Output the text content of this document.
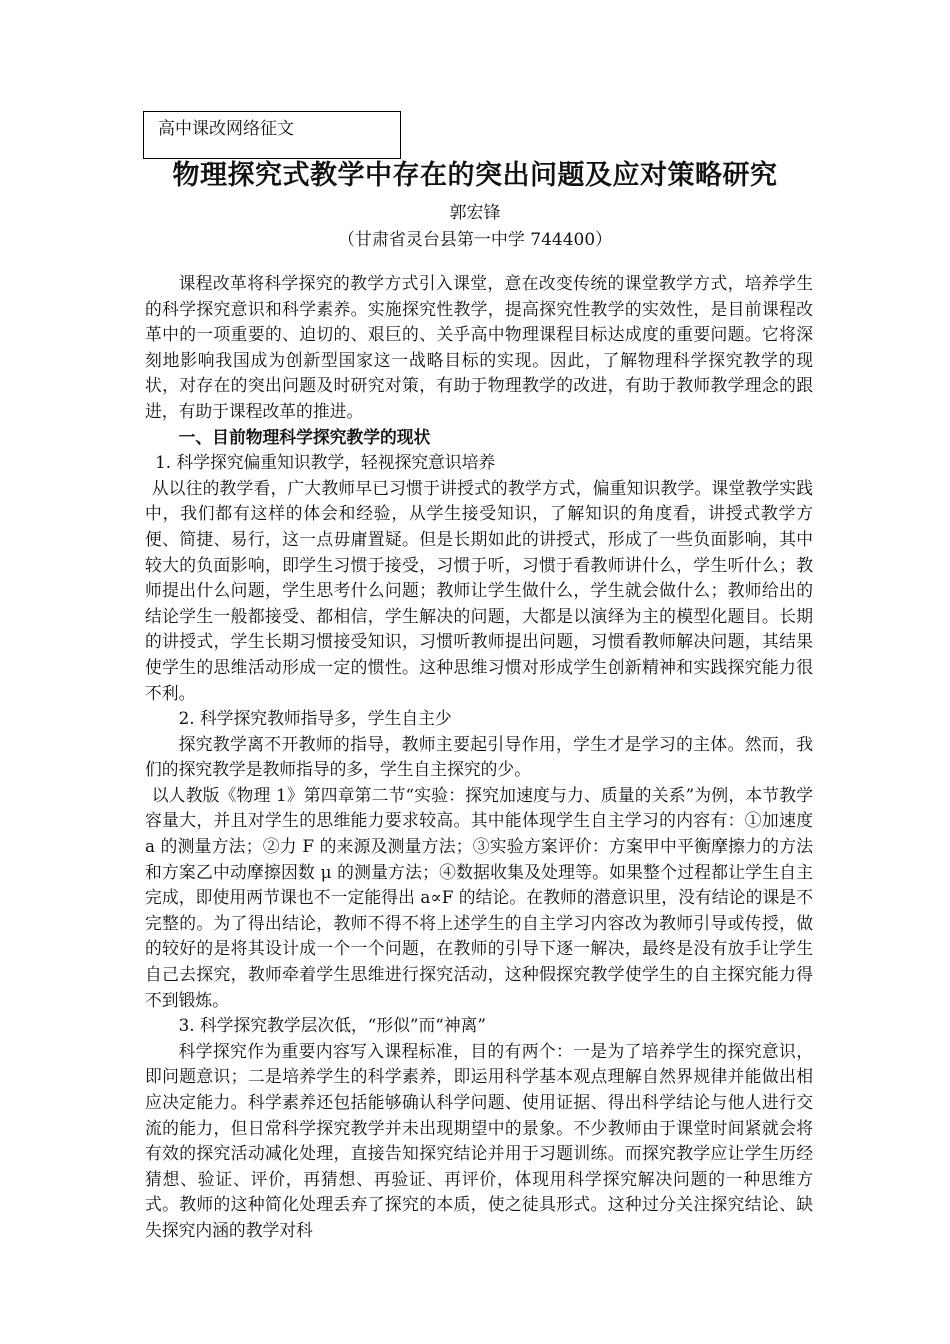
高中课改网络征文
物理探究式教学中存在的突出问题及应对策略研究
郭宏锋
（甘肃省灵台县第一中学 744400）

课程改革将科学探究的教学方式引入课堂，意在改变传统的课堂教学方式，培养学生的科学探究意识和科学素养。实施探究性教学，提高探究性教学的实效性，是目前课程改革中的一项重要的、迫切的、艰巨的、关乎高中物理课程目标达成度的重要问题。它将深刻地影响我国成为创新型国家这一战略目标的实现。因此，了解物理科学探究教学的现状，对存在的突出问题及时研究对策，有助于物理教学的改进，有助于教师教学理念的跟进，有助于课程改革的推进。

一、目前物理科学探究教学的现状

1. 科学探究偏重知识教学，轻视探究意识培养

从以往的教学看，广大教师早已习惯于讲授式的教学方式，偏重知识教学。课堂教学实践中，我们都有这样的体会和经验，从学生接受知识，了解知识的角度看，讲授式教学方便、简捷、易行，这一点毋庸置疑。但是长期如此的讲授式，形成了一些负面影响，其中较大的负面影响，即学生习惯于接受，习惯于听，习惯于看教师讲什么，学生听什么；教师提出什么问题，学生思考什么问题；教师让学生做什么，学生就会做什么；教师给出的结论学生一般都接受、都相信，学生解决的问题，大都是以演绎为主的模型化题目。长期的讲授式，学生长期习惯接受知识，习惯听教师提出问题，习惯看教师解决问题，其结果使学生的思维活动形成一定的惯性。这种思维习惯对形成学生创新精神和实践探究能力很不利。

2. 科学探究教师指导多，学生自主少

探究教学离不开教师的指导，教师主要起引导作用，学生才是学习的主体。然而，我们的探究教学是教师指导的多，学生自主探究的少。

以人教版《物理 1》第四章第二节“实验：探究加速度与力、质量的关系”为例，本节教学容量大，并且对学生的思维能力要求较高。其中能体现学生自主学习的内容有：①加速度 a 的测量方法；②力 F 的来源及测量方法；③实验方案评价：方案甲中平衡摩擦力的方法和方案乙中动摩擦因数 μ 的测量方法；④数据收集及处理等。如果整个过程都让学生自主完成，即使用两节课也不一定能得出 a∝F 的结论。在教师的潜意识里，没有结论的课是不完整的。为了得出结论，教师不得不将上述学生的自主学习内容改为教师引导或传授，做的较好的是将其设计成一个一个问题，在教师的引导下逐一解决，最终是没有放手让学生自己去探究，教师牵着学生思维进行探究活动，这种假探究教学使学生的自主探究能力得不到锻炼。

3. 科学探究教学层次低，“形似”而“神离”

科学探究作为重要内容写入课程标准，目的有两个：一是为了培养学生的探究意识，即问题意识；二是培养学生的科学素养，即运用科学基本观点理解自然界规律并能做出相应决定能力。科学素养还包括能够确认科学问题、使用证据、得出科学结论与他人进行交流的能力，但日常科学探究教学并未出现期望中的景象。不少教师由于课堂时间紧就会将有效的探究活动减化处理，直接告知探究结论并用于习题训练。而探究教学应让学生历经猜想、验证、评价，再猜想、再验证、再评价，体现用科学探究解决问题的一种思维方式。教师的这种简化处理丢弃了探究的本质，使之徒具形式。这种过分关注探究结论、缺失探究内涵的教学对科
